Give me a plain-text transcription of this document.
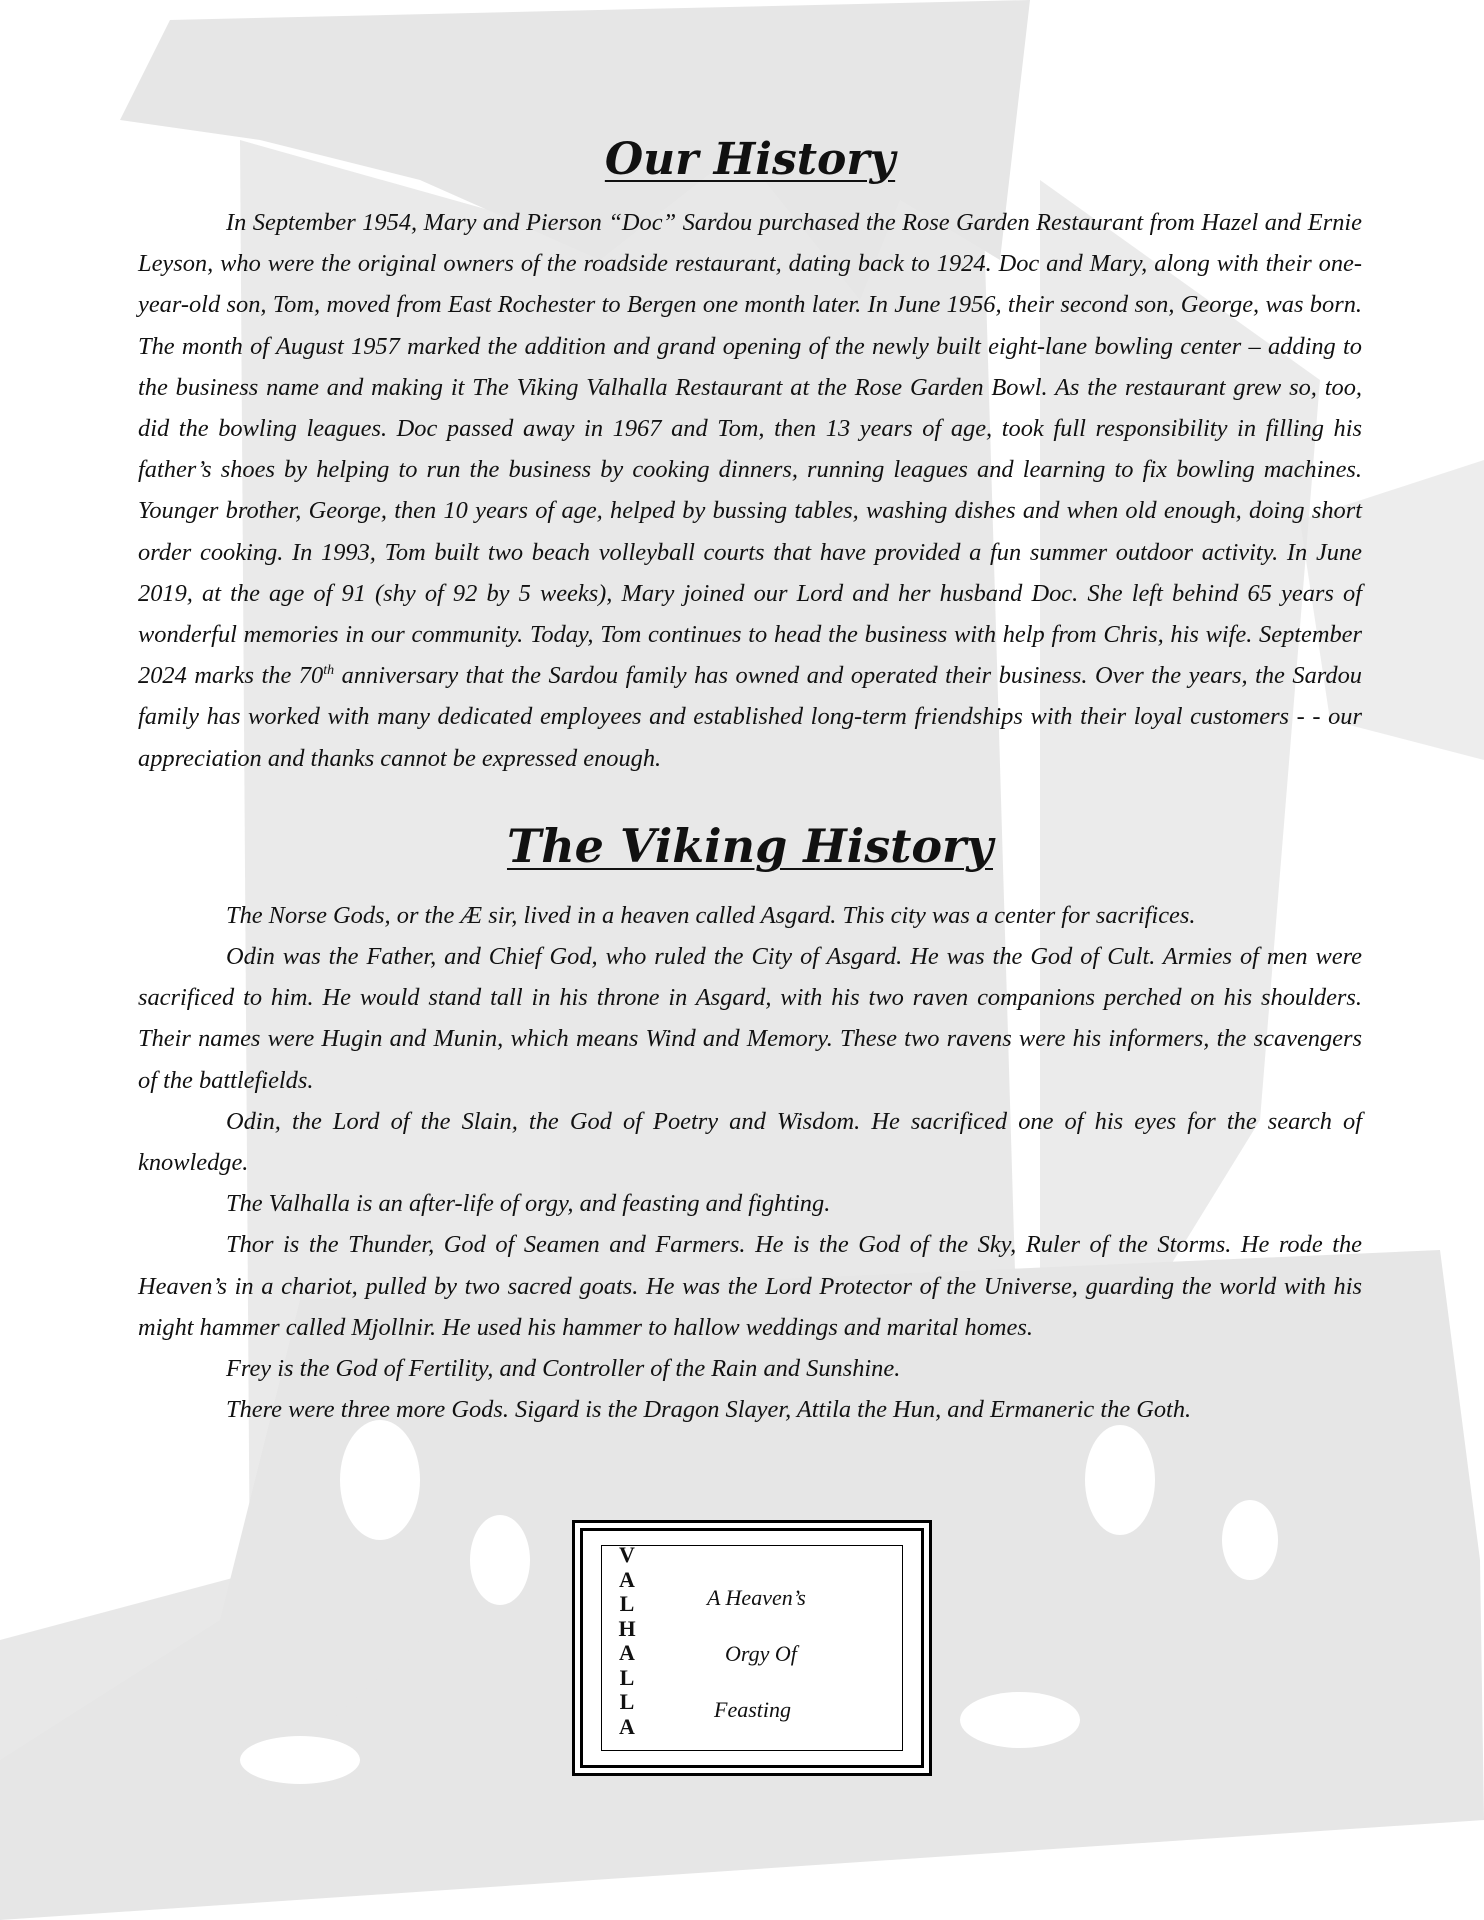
Our History

In September 1954, Mary and Pierson “Doc” Sardou purchased the Rose Garden Restaurant from Hazel and Ernie Leyson, who were the original owners of the roadside restaurant, dating back to 1924. Doc and Mary, along with their one-year-old son, Tom, moved from East Rochester to Bergen one month later. In June 1956, their second son, George, was born. The month of August 1957 marked the addition and grand opening of the newly built eight-lane bowling center – adding to the business name and making it The Viking Valhalla Restaurant at the Rose Garden Bowl. As the restaurant grew so, too, did the bowling leagues. Doc passed away in 1967 and Tom, then 13 years of age, took full responsibility in filling his father’s shoes by helping to run the business by cooking dinners, running leagues and learning to fix bowling machines. Younger brother, George, then 10 years of age, helped by bussing tables, washing dishes and when old enough, doing short order cooking. In 1993, Tom built two beach volleyball courts that have provided a fun summer outdoor activity. In June 2019, at the age of 91 (shy of 92 by 5 weeks), Mary joined our Lord and her husband Doc. She left behind 65 years of wonderful memories in our community. Today, Tom continues to head the business with help from Chris, his wife. September 2024 marks the 70th anniversary that the Sardou family has owned and operated their business. Over the years, the Sardou family has worked with many dedicated employees and established long-term friendships with their loyal customers - - our appreciation and thanks cannot be expressed enough.

The Viking History

The Norse Gods, or the Æ sir, lived in a heaven called Asgard. This city was a center for sacrifices.

Odin was the Father, and Chief God, who ruled the City of Asgard. He was the God of Cult. Armies of men were sacrificed to him. He would stand tall in his throne in Asgard, with his two raven companions perched on his shoulders. Their names were Hugin and Munin, which means Wind and Memory. These two ravens were his informers, the scavengers of the battlefields.

Odin, the Lord of the Slain, the God of Poetry and Wisdom. He sacrificed one of his eyes for the search of knowledge.

The Valhalla is an after-life of orgy, and feasting and fighting.

Thor is the Thunder, God of Seamen and Farmers. He is the God of the Sky, Ruler of the Storms. He rode the Heaven’s in a chariot, pulled by two sacred goats. He was the Lord Protector of the Universe, guarding the world with his might hammer called Mjollnir. He used his hammer to hallow weddings and marital homes.

Frey is the God of Fertility, and Controller of the Rain and Sunshine.

There were three more Gods. Sigard is the Dragon Slayer, Attila the Hun, and Ermaneric the Goth.

V
A
L
H
A
L
L
A
A Heaven’s
Orgy Of
Feasting
